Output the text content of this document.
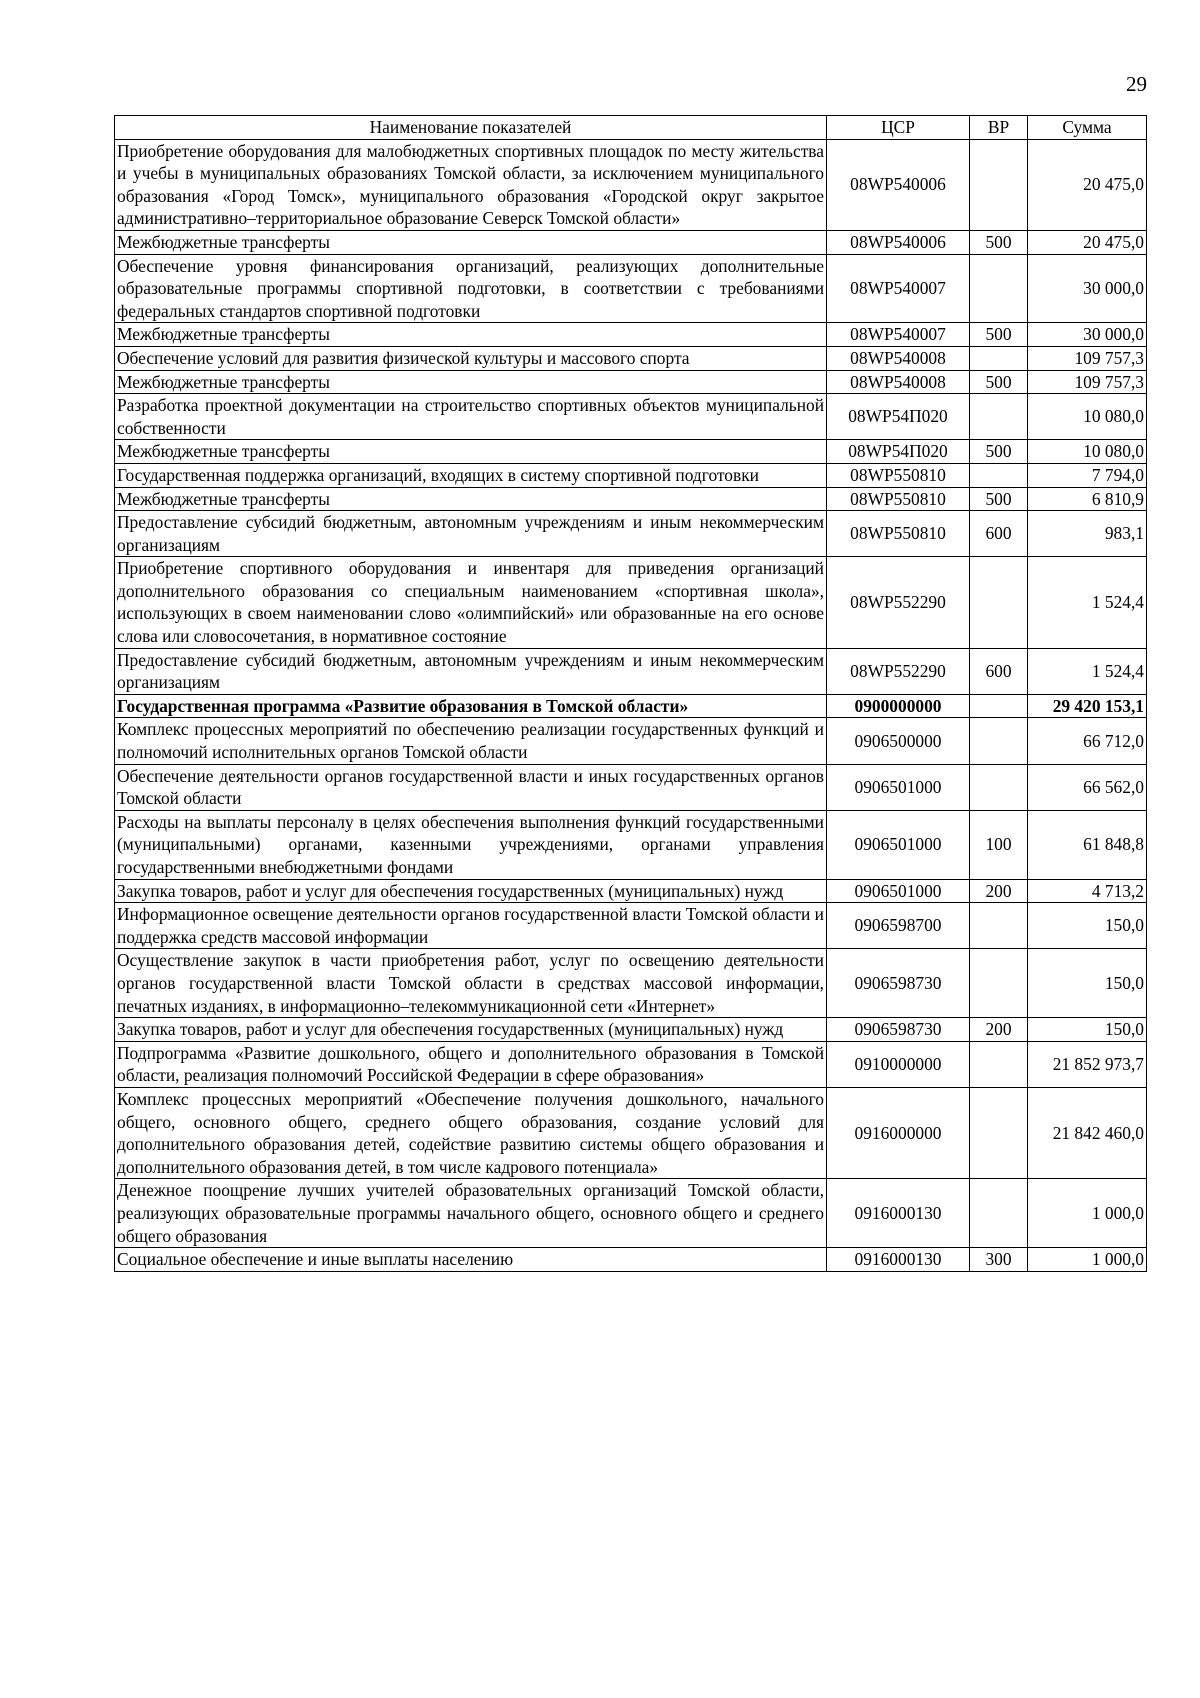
29
Наименование показателей	ЦСР	ВР	Сумма
Приобретение оборудования для малобюджетных спортивных площадок по месту жительства и учебы в муниципальных образованиях Томской области, за исключением муниципального образования «Город Томск», муниципального образования «Городской округ закрытое административно–территориальное образование Северск Томской области»	08WP540006		20 475,0
Межбюджетные трансферты	08WP540006	500	20 475,0
Обеспечение уровня финансирования организаций, реализующих дополнительные образовательные программы спортивной подготовки, в соответствии с требованиями федеральных стандартов спортивной подготовки	08WP540007		30 000,0
Межбюджетные трансферты	08WP540007	500	30 000,0
Обеспечение условий для развития физической культуры и массового спорта	08WP540008		109 757,3
Межбюджетные трансферты	08WP540008	500	109 757,3
Разработка проектной документации на строительство спортивных объектов муниципальной собственности	08WP54П020		10 080,0
Межбюджетные трансферты	08WP54П020	500	10 080,0
Государственная поддержка организаций, входящих в систему спортивной подготовки	08WP550810		7 794,0
Межбюджетные трансферты	08WP550810	500	6 810,9
Предоставление субсидий бюджетным, автономным учреждениям и иным некоммерческим организациям	08WP550810	600	983,1
Приобретение спортивного оборудования и инвентаря для приведения организаций дополнительного образования со специальным наименованием «спортивная школа», использующих в своем наименовании слово «олимпийский» или образованные на его основе слова или словосочетания, в нормативное состояние	08WP552290		1 524,4
Предоставление субсидий бюджетным, автономным учреждениям и иным некоммерческим организациям	08WP552290	600	1 524,4
Государственная программа «Развитие образования в Томской области»	0900000000		29 420 153,1
Комплекс процессных мероприятий по обеспечению реализации государственных функций и полномочий исполнительных органов Томской области	0906500000		66 712,0
Обеспечение деятельности органов государственной власти и иных государственных органов Томской области	0906501000		66 562,0
Расходы на выплаты персоналу в целях обеспечения выполнения функций государственными (муниципальными) органами, казенными учреждениями, органами управления государственными внебюджетными фондами	0906501000	100	61 848,8
Закупка товаров, работ и услуг для обеспечения государственных (муниципальных) нужд	0906501000	200	4 713,2
Информационное освещение деятельности органов государственной власти Томской области и поддержка средств массовой информации	0906598700		150,0
Осуществление закупок в части приобретения работ, услуг по освещению деятельности органов государственной власти Томской области в средствах массовой информации, печатных изданиях, в информационно–телекоммуникационной сети «Интернет»	0906598730		150,0
Закупка товаров, работ и услуг для обеспечения государственных (муниципальных) нужд	0906598730	200	150,0
Подпрограмма «Развитие дошкольного, общего и дополнительного образования в Томской области, реализация полномочий Российской Федерации в сфере образования»	0910000000		21 852 973,7
Комплекс процессных мероприятий «Обеспечение получения дошкольного, начального общего, основного общего, среднего общего образования, создание условий для дополнительного образования детей, содействие развитию системы общего образования и дополнительного образования детей, в том числе кадрового потенциала»	0916000000		21 842 460,0
Денежное поощрение лучших учителей образовательных организаций Томской области, реализующих образовательные программы начального общего, основного общего и среднего общего образования	0916000130		1 000,0
Социальное обеспечение и иные выплаты населению	0916000130	300	1 000,0
